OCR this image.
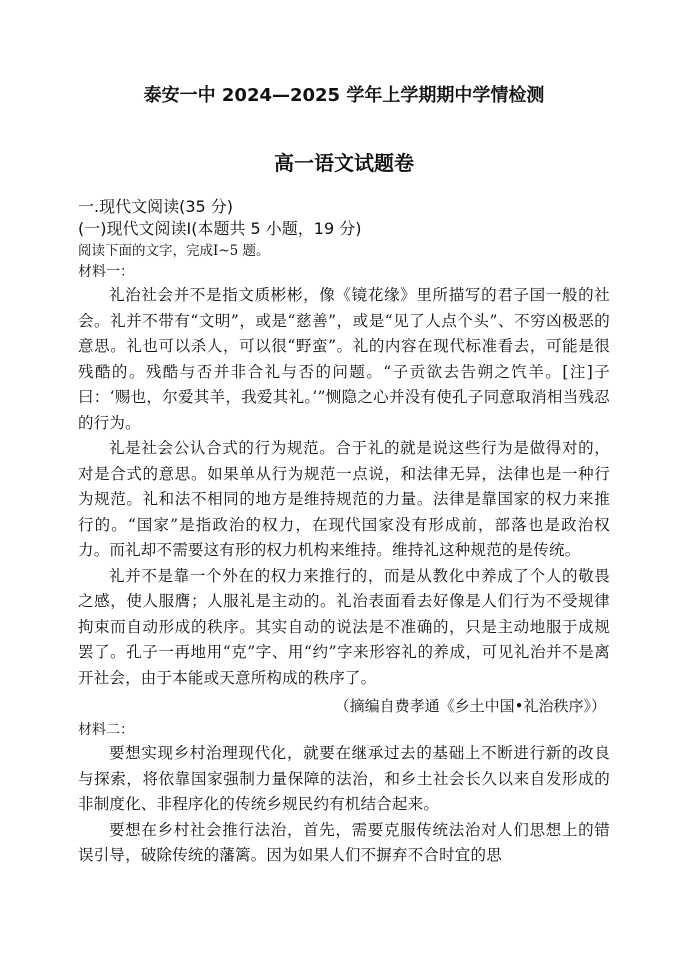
泰安一中 2024—2025 学年上学期期中学情检测
高一语文试题卷
一.现代文阅读(35 分)
(一)现代文阅读Ⅰ(本题共 5 小题，19 分)
阅读下面的文字，完成Ⅰ~5 题。
材料一：

礼治社会并不是指文质彬彬，像《镜花缘》里所描写的君子国一般的社会。礼并不带有“文明”，或是“慈善”，或是“见了人点个头”、不穷凶极恶的意思。礼也可以杀人，可以很“野蛮”。礼的内容在现代标准看去，可能是很残酷的。残酷与否并非合礼与否的问题。“子贡欲去告朔之饩羊。[注]子曰：‘赐也，尔爱其羊，我爱其礼。’”恻隐之心并没有使孔子同意取消相当残忍的行为。

礼是社会公认合式的行为规范。合于礼的就是说这些行为是做得对的，对是合式的意思。如果单从行为规范一点说，和法律无异，法律也是一种行为规范。礼和法不相同的地方是维持规范的力量。法律是靠国家的权力来推行的。“国家”是指政治的权力，在现代国家没有形成前，部落也是政治权力。而礼却不需要这有形的权力机构来维持。维持礼这种规范的是传统。

礼并不是靠一个外在的权力来推行的，而是从教化中养成了个人的敬畏之感，使人服膺；人服礼是主动的。礼治表面看去好像是人们行为不受规律拘束而自动形成的秩序。其实自动的说法是不准确的，只是主动地服于成规罢了。孔子一再地用“克”字、用“约”字来形容礼的养成，可见礼治并不是离开社会，由于本能或天意所构成的秩序了。

（摘编自费孝通《乡土中国•礼治秩序》）
材料二：

要想实现乡村治理现代化，就要在继承过去的基础上不断进行新的改良与探索，将依靠国家强制力量保障的法治，和乡土社会长久以来自发形成的非制度化、非程序化的传统乡规民约有机结合起来。

要想在乡村社会推行法治，首先，需要克服传统法治对人们思想上的错误引导，破除传统的藩篱。因为如果人们不摒弃不合时宜的思
